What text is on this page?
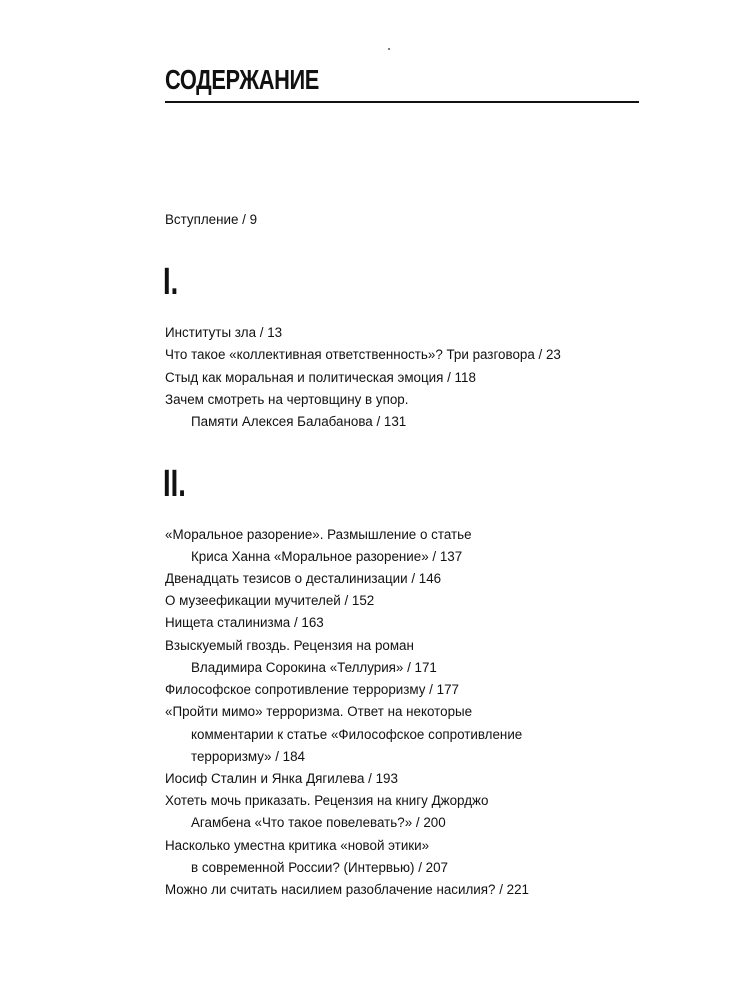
СОДЕРЖАНИЕ
Вступление / 9
I.
Институты зла / 13
Что такое «коллективная ответственность»? Три разговора / 23
Стыд как моральная и политическая эмоция / 118
Зачем смотреть на чертовщину в упор.
Памяти Алексея Балабанова / 131
II.
«Моральное разорение». Размышление о статье
Криса Ханна «Моральное разорение» / 137
Двенадцать тезисов о десталинизации / 146
О музеефикации мучителей / 152
Нищета сталинизма / 163
Взыскуемый гвоздь. Рецензия на роман
Владимира Сорокина «Теллурия» / 171
Философское сопротивление терроризму / 177
«Пройти мимо» терроризма. Ответ на некоторые
комментарии к статье «Философское сопротивление
терроризму» / 184
Иосиф Сталин и Янка Дягилева / 193
Хотеть мочь приказать. Рецензия на книгу Джорджо
Агамбена «Что такое повелевать?» / 200
Насколько уместна критика «новой этики»
в современной России? (Интервью) / 207
Можно ли считать насилием разоблачение насилия? / 221
